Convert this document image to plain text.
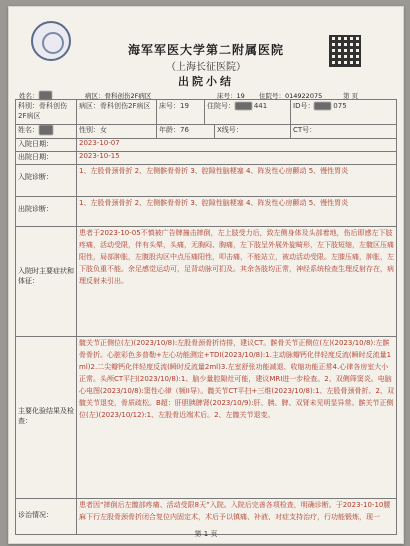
海军军医大学第二附属医院
（上海长征医院）
出院小结
姓名：	病区：骨科创伤2F病区	床号：19 住院号：014922075	第 页
科别：骨科创伤2F病区
病区：骨科创伤2F病区	床号：19	住院号：	441	ID号：	075
姓名：	性别：女	年龄：76	X线号：	CT号：
入院日期：	2023-10-07
出院日期：	2023-10-15
入院诊断：
1、左股骨颈骨折 2、左侧髌骨骨折 3、腔隙性脑梗塞 4、阵发性心房颤动 5、慢性胃炎
出院诊断：
1、左股骨颈骨折 2、左侧髌骨骨折 3、腔隙性脑梗塞 4、阵发性心房颤动 5、慢性胃炎
入院时主要症状和体征：
患者于2023-10-05不慎被广告牌撞击摔倒，左上肢受力后，致左侧身体及头部着地，伤后即感左下肢疼痛，活动受限，伴有头晕，头痛，无胸闷、胸痛，左下肢呈外展外旋畸形，左下肢短缩，左髋区压痛阳性，局部肿胀，左腹股沟区中点压痛阳性，叩击痛，不能站立，被动活动受限。左膝压痛，肿胀，左下肢负重不能。余足感觉运动可，足背动脉可扪及。其余各肢均正常，神经系统检查生理反射存在，病理反射未引出。
主要化验结果及检查：
髋关节正侧位(左)(2023/10/8):左股骨颈骨折待排，建议CT。髌骨关节正侧位(左)(2023/10/8):左髌骨骨折。心脏彩色多普勒+左心功能测定+TDI(2023/10/8):1.主动脉瓣钙化伴轻度反流(瞬时反流量1ml)2.二尖瓣钙化伴轻度反流(瞬时反流量2ml)3.左室舒张功能减退、收缩功能正常4.心律各房室大小正常。头颅CT平扫(2023/10/8):1、脑少量腔隙灶可能，建议MRI进一步检查。2、双侧筛窦炎。电脑心电图(2023/10/8):窦性心律（频II导）。髋关节CT平扫+三维(2023/10/8):1、左股骨颈骨折。2、双髋关节退变，骨质疏松。B超：肝胆胰脾肾(2023/10/9):肝、胰、脾、双肾未见明显异常。髌关节正侧位(左)(2023/10/12):1、左股骨近端术后。2、左髋关节退变。
诊治情况：
患者因“摔倒后左髋部疼痛、活动受限8天”入院。入院后完善各项检查，明确诊断。于2023-10-10腰麻下行左股骨颈骨折闭合复位内固定术，术后予以镇痛、补液、对症支持治疗，行功能锻炼，现一
第 1 页
